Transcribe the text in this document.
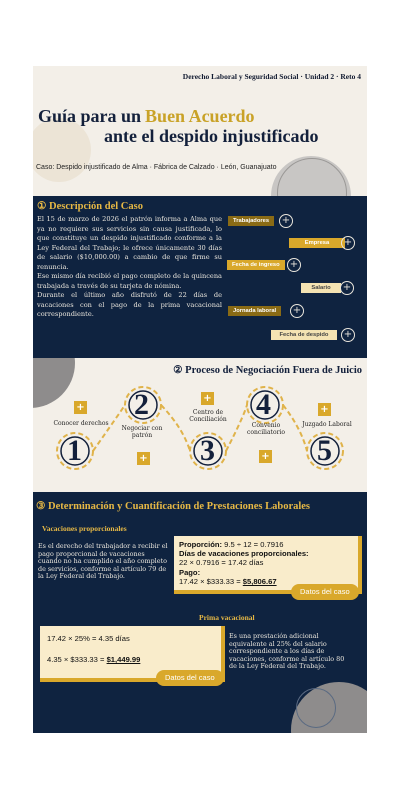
Derecho Laboral y Seguridad Social · Unidad 2 · Reto 4
Guía para un Buen Acuerdo
ante el despido injustificado
Caso: Despido injustificado de Alma · Fábrica de Calzado · León, Guanajuato
① Descripción del Caso

El 15 de marzo de 2026 el patrón informa a Alma que ya no requiere sus servicios sin causa justificada, lo que constituye un despido injustificado conforme a la Ley Federal del Trabajo; le ofrece únicamente 30 días de salario ($10,000.00) a cambio de que firme su renuncia.

Ese mismo día recibió el pago completo de la quincena trabajada a través de su tarjeta de nómina.

Durante el último año disfrutó de 22 días de vacaciones con el pago de la prima vacacional correspondiente.

Trabajadores	+
Empresa	+
Fecha de ingreso	+
Salario	+
Jornada laboral	+
Fecha de despido	+
② Proceso de Negociación Fuera de Juicio
Conocer derechos
1
+ 2
Negociar con patrón
+
+
Centro de Conciliación
3
4
Convenio conciliatorio
+
+
Juzgado Laboral
5
③ Determinación y Cuantificación de Prestaciones Laborales
Vacaciones proporcionales
Es el derecho del trabajador a recibir el pago proporcional de vacaciones cuando no ha cumplido el año completo de servicios, conforme al artículo 79 de la Ley Federal del Trabajo.
Proporción: 9.5 ÷ 12 = 0.7916
Días de vacaciones proporcionales:
22 × 0.7916 = 17.42 días
Pago:
17.42 × $333.33 = $5,806.67
Datos del caso
Prima vacacional
17.42 × 25% = 4.35 días
4.35 × $333.33 = $1,449.99
Datos del caso
Es una prestación adicional equivalente al 25% del salario correspondiente a los días de vacaciones, conforme al artículo 80 de la Ley Federal del Trabajo.
